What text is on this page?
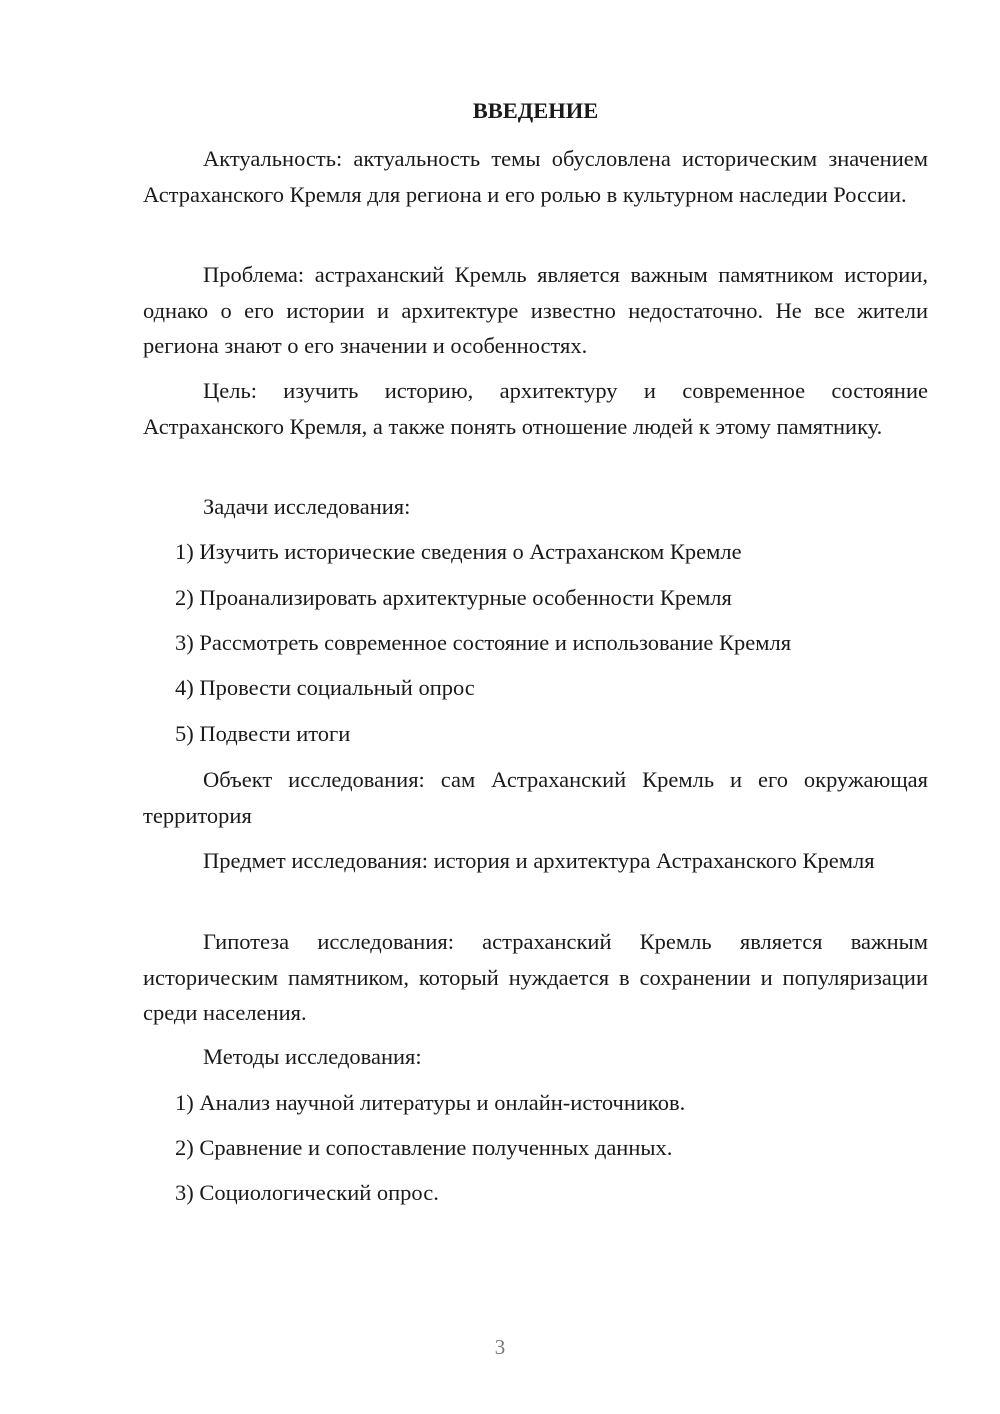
ВВЕДЕНИЕ

Актуальность: актуальность темы обусловлена историческим значением Астраханского Кремля для региона и его ролью в культурном наследии России.

Проблема: астраханский Кремль является важным памятником истории, однако о его истории и архитектуре известно недостаточно. Не все жители региона знают о его значении и особенностях.

Цель: изучить историю, архитектуру и современное состояние Астраханского Кремля, а также понять отношение людей к этому памятнику.

Задачи исследования:

1) Изучить исторические сведения о Астраханском Кремле

2) Проанализировать архитектурные особенности Кремля

3) Рассмотреть современное состояние и использование Кремля

4) Провести социальный опрос

5) Подвести итоги

Объект исследования: сам Астраханский Кремль и его окружающая территория

Предмет исследования: история и архитектура Астраханского Кремля

Гипотеза исследования: астраханский Кремль является важным историческим памятником, который нуждается в сохранении и популяризации среди населения.

Методы исследования:

1) Анализ научной литературы и онлайн-источников.

2) Сравнение и сопоставление полученных данных.

3) Социологический опрос.

3
